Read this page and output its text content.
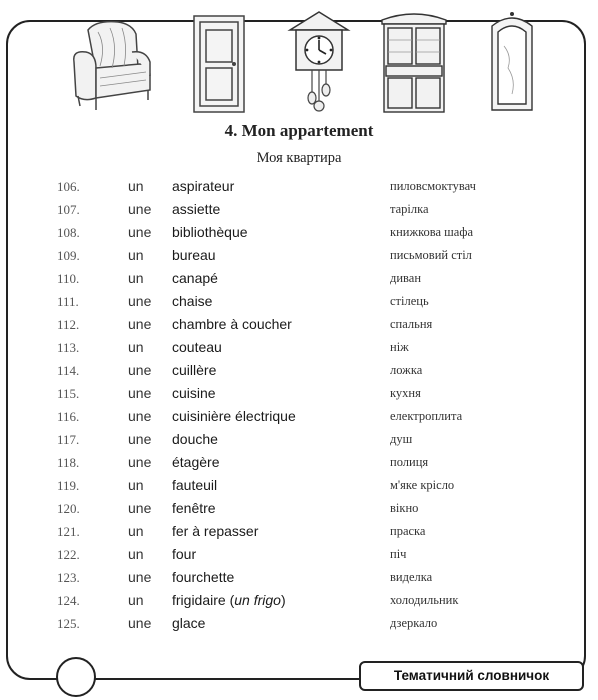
4. Mon appartement
Моя квартира
106.	un aspirateur	пиловсмоктувач
107.	une assiette	тарілка
108.	une bibliothèque	книжкова шафа
109.	un bureau	письмовий стіл
110.	un canapé	диван
111.	une chaise	стілець
112.	une chambre à coucher	спальня
113.	un couteau	ніж
114.	une cuillère	ложка
115.	une cuisine	кухня
116.	une cuisinière électrique	електроплита
117.	une douche	душ
118.	une étagère	полиця
119.	un fauteuil	м'яке крісло
120.	une fenêtre	вікно
121.	un fer à repasser	праска
122.	un four	піч
123.	une fourchette	виделка
124.	un frigidaire (un frigo)	холодильник
125.	une glace	дзеркало
Тематичний словничок
